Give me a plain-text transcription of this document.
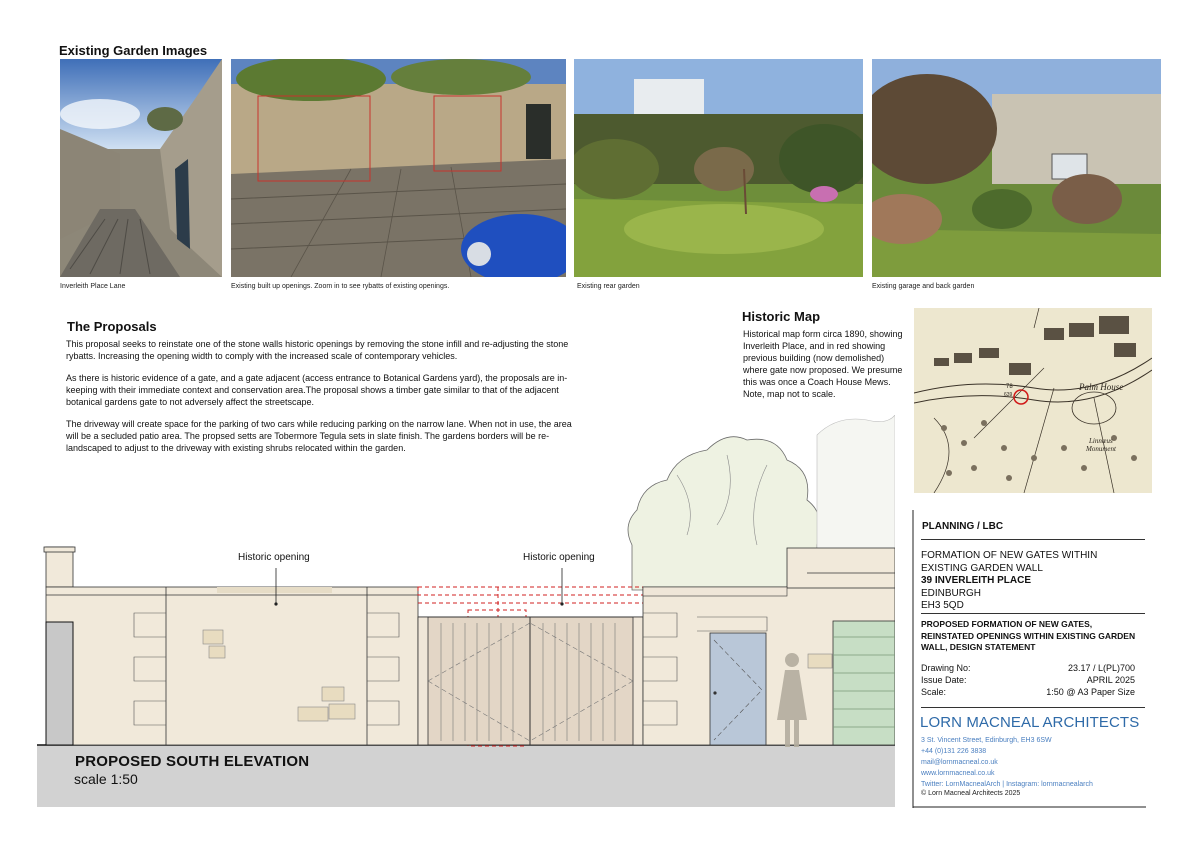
Existing Garden Images
Inverleith Place Lane	Existing built up openings. Zoom in to see rybatts of existing openings.	Existing rear garden	Existing garage and back garden
The Proposals

This proposal seeks to reinstate one of the stone walls historic openings by removing the stone infill and re-adjusting the stone rybatts. Increasing the opening width to comply with the increased scale of contemporary vehicles.

As there is historic evidence of a gate, and a gate adjacent (access entrance to Botanical Gardens yard), the proposals are in-keeping with their immediate context and conservation area.The proposal shows a timber gate similar to that of the adjacent botanical gardens gate to not adversely affect the streetscape.

The driveway will create space for the parking of two cars while reducing parking on the narrow lane. When not in use, the area will be a secluded patio area. The propsed setts are Tobermore Tegula sets in slate finish. The gardens borders will be re-landscaped to adjust to the driveway with existing shrubs relocated within the garden.

Historic Map
Historical map form circa 1890, showing Inverleith Place, and in red showing previous building (now demolished) where gate now proposed. We presume this was once a Coach House Mews. Note, map not to scale.
Palm House
Linnæus
Monument
78
639
Historic opening	Historic opening
PROPOSED SOUTH ELEVATION
scale 1:50
PLANNING / LBC
FORMATION OF NEW GATES WITHIN
EXISTING GARDEN WALL
39 INVERLEITH PLACE
EDINBURGH
EH3 5QD
PROPOSED FORMATION OF NEW GATES, REINSTATED OPENINGS WITHIN EXISTING GARDEN WALL, DESIGN STATEMENT
Drawing No:	23.17 / L(PL)700
Issue Date:	APRIL 2025
Scale:	1:50 @ A3 Paper Size
LORN MACNEAL ARCHITECTS
3 St. Vincent Street, Edinburgh, EH3 6SW
+44 (0)131 226 3838
mail@lornmacneal.co.uk
www.lornmacneal.co.uk
Twitter: LornMacnealArch | Instagram: lornmacnealarch
© Lorn Macneal Architects 2025
